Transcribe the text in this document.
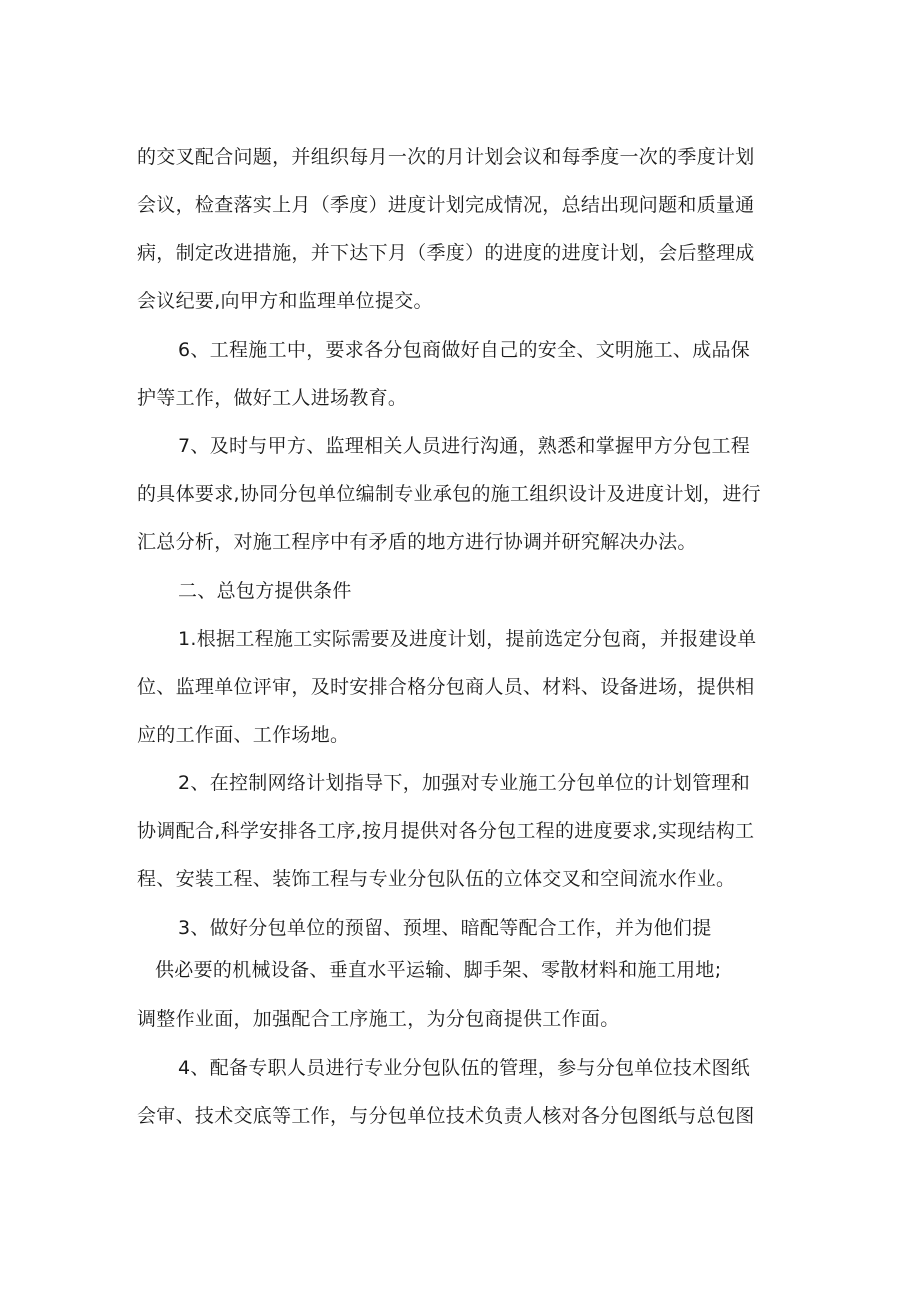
的交叉配合问题，并组织每月一次的月计划会议和每季度一次的季度计划

会议，检查落实上月（季度）进度计划完成情况，总结出现问题和质量通

病，制定改进措施，并下达下月（季度）的进度的进度计划，会后整理成

会议纪要,向甲方和监理单位提交。

6、工程施工中，要求各分包商做好自己的安全、文明施工、成品保

护等工作，做好工人进场教育。

7、及时与甲方、监理相关人员进行沟通，熟悉和掌握甲方分包工程

的具体要求,协同分包单位编制专业承包的施工组织设计及进度计划，进行

汇总分析，对施工程序中有矛盾的地方进行协调并研究解决办法。

二、总包方提供条件

1.根据工程施工实际需要及进度计划，提前选定分包商，并报建设单

位、监理单位评审，及时安排合格分包商人员、材料、设备进场，提供相

应的工作面、工作场地。

2、在控制网络计划指导下，加强对专业施工分包单位的计划管理和

协调配合,科学安排各工序,按月提供对各分包工程的进度要求,实现结构工

程、安装工程、装饰工程与专业分包队伍的立体交叉和空间流水作业。

3、做好分包单位的预留、预埋、暗配等配合工作，并为他们提

供必要的机械设备、垂直水平运输、脚手架、零散材料和施工用地;

调整作业面，加强配合工序施工，为分包商提供工作面。

4、配备专职人员进行专业分包队伍的管理，参与分包单位技术图纸

会审、技术交底等工作，与分包单位技术负责人核对各分包图纸与总包图
